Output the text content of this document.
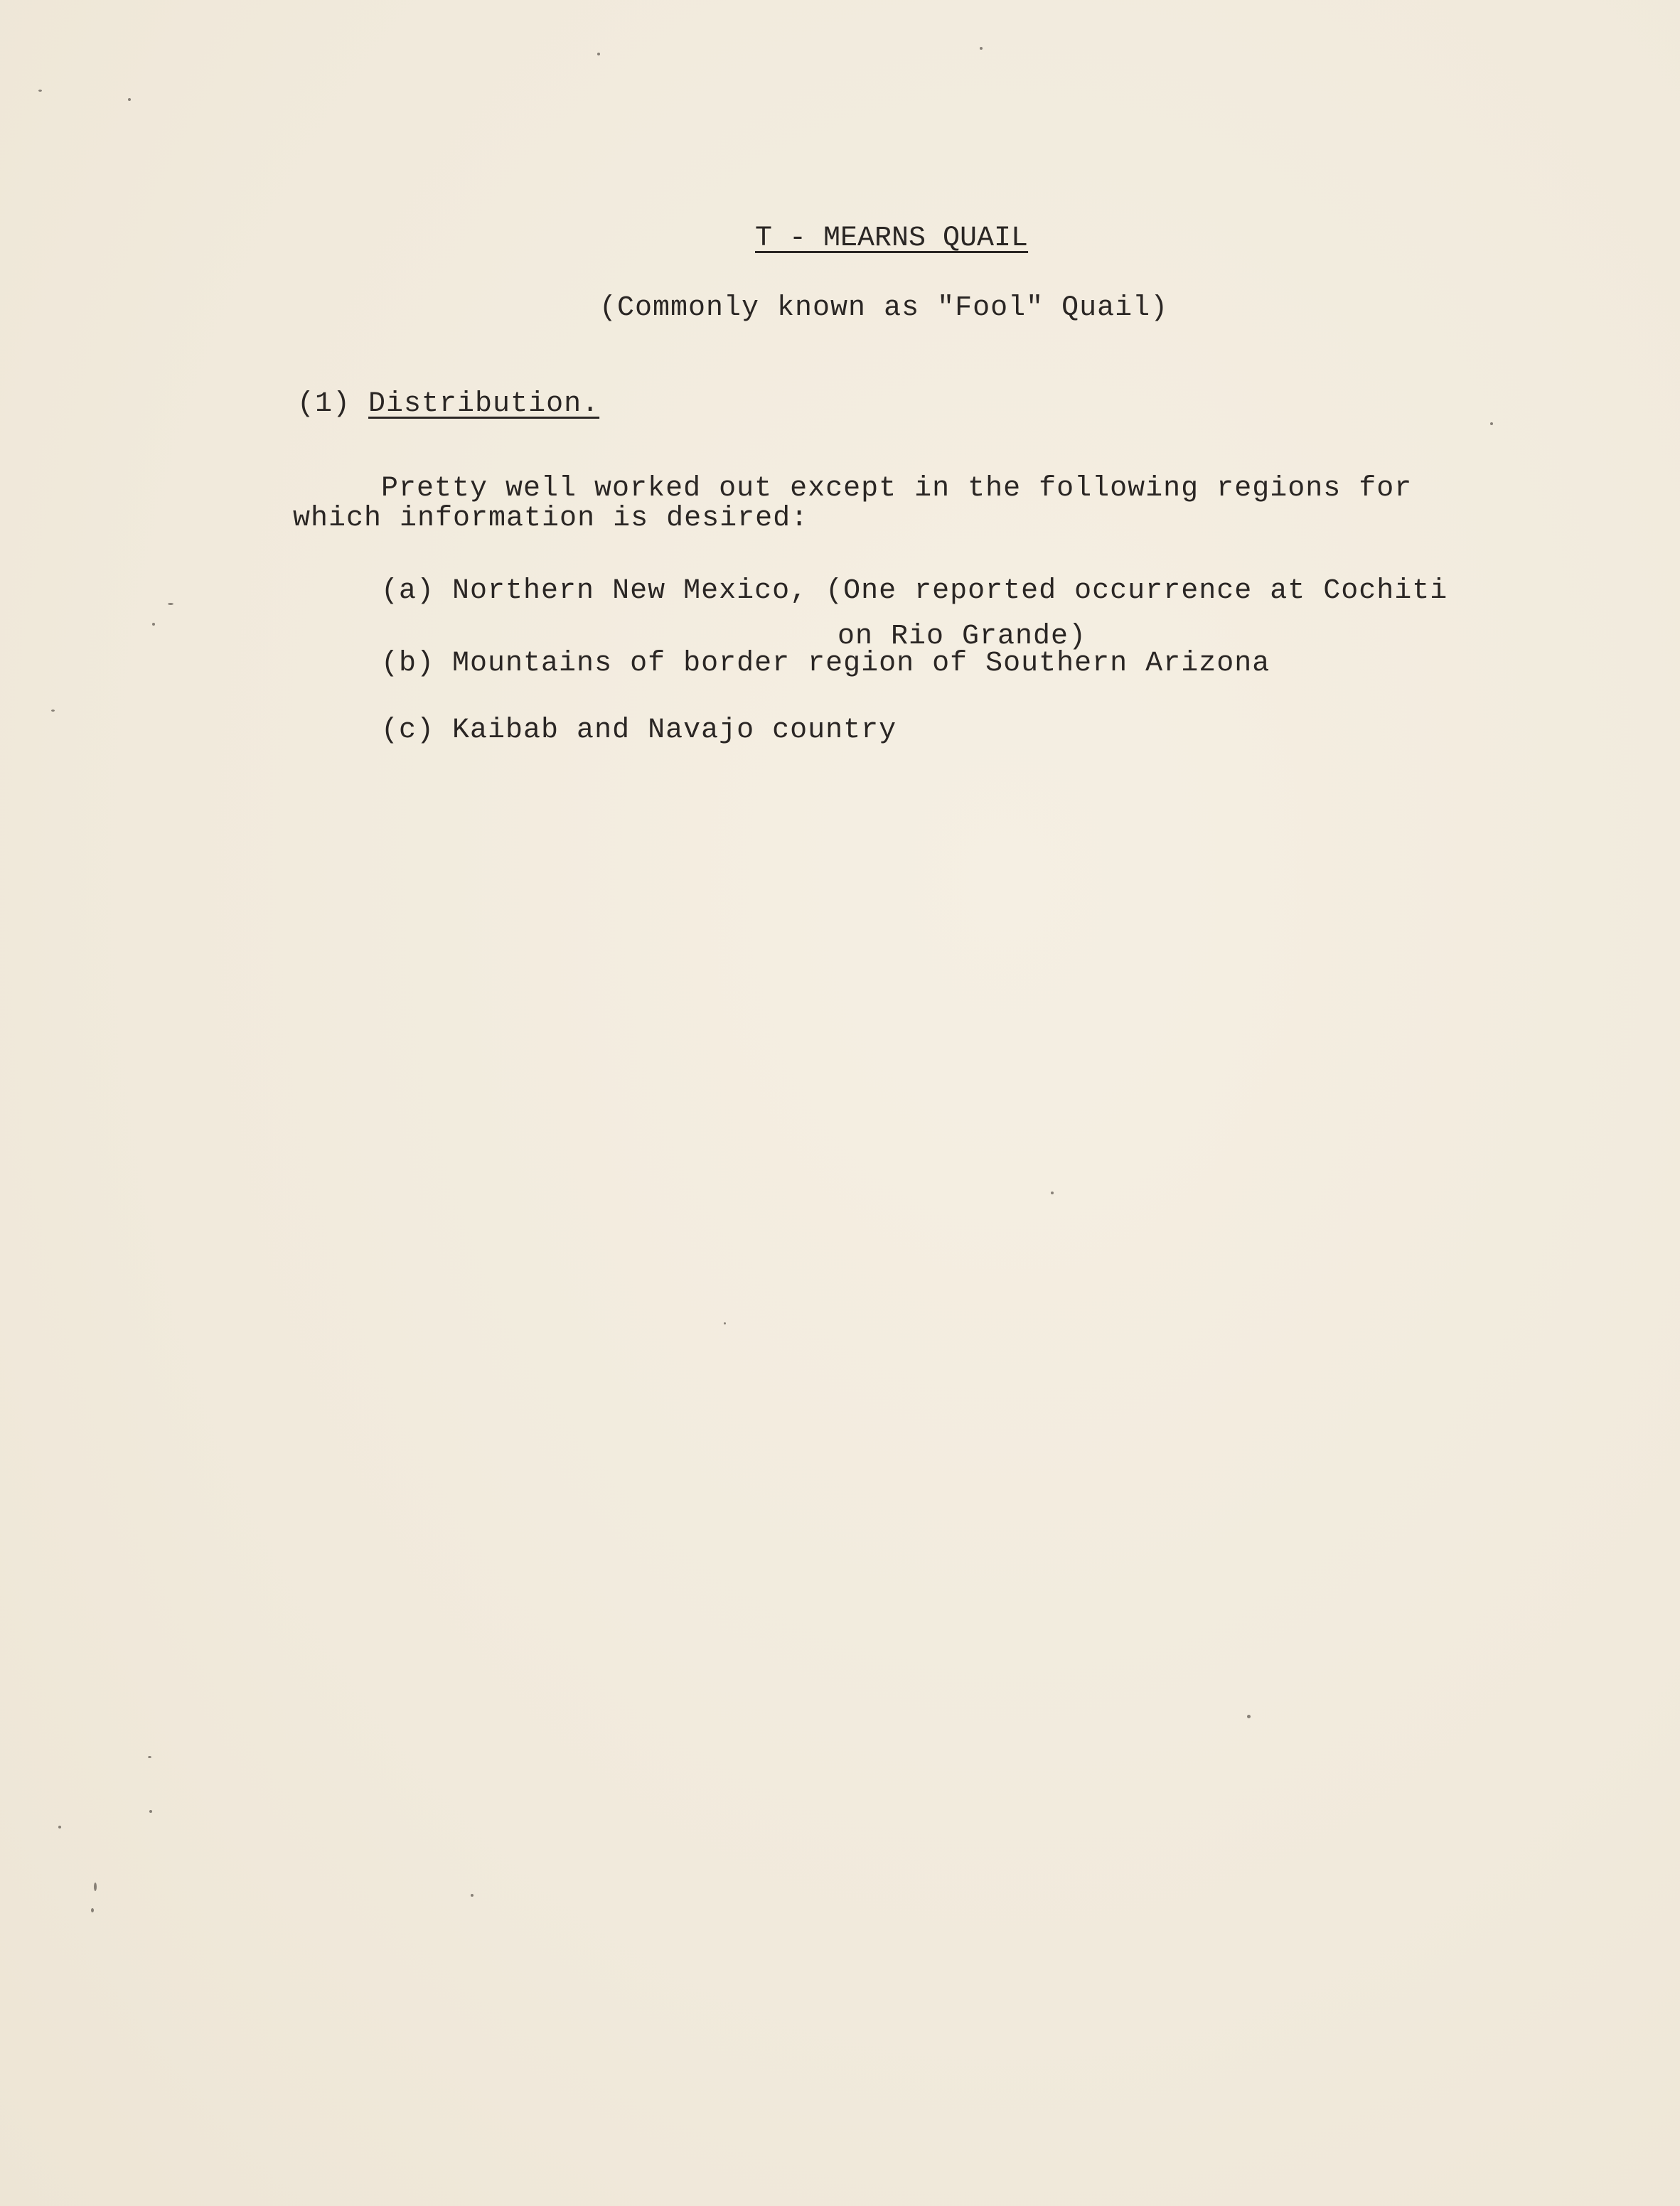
T - MEARNS QUAIL
(Commonly known as "Fool" Quail)
(1) Distribution.
Pretty well worked out except in the following regions for
which information is desired:
(a) Northern New Mexico, (One reported occurrence at Cochiti
on Rio Grande)
(b) Mountains of border region of Southern Arizona
(c) Kaibab and Navajo country
